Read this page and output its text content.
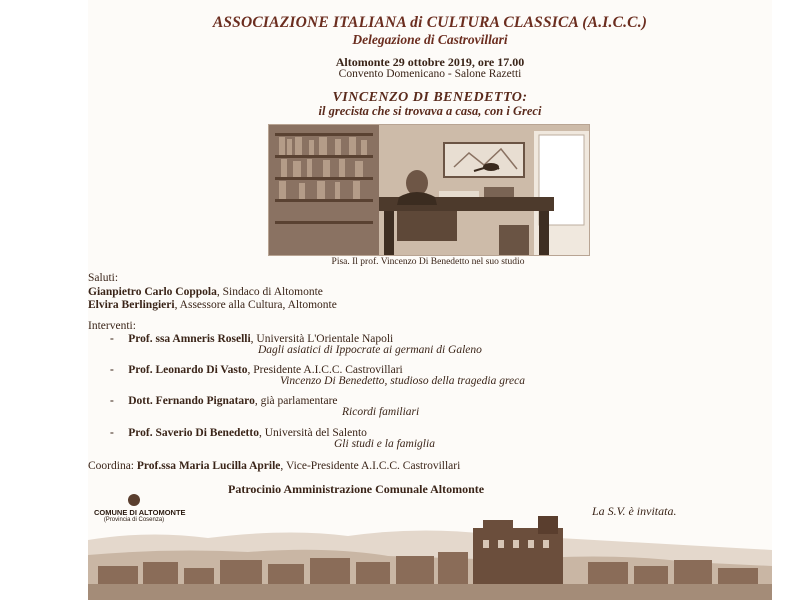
ASSOCIAZIONE ITALIANA di CULTURA CLASSICA (A.I.C.C.)
Delegazione di Castrovillari
Altomonte 29 ottobre 2019, ore 17.00
Convento Domenicano - Salone Razetti
VINCENZO DI BENEDETTO:
il grecista che si trovava a casa, con i Greci
Pisa. Il prof. Vincenzo Di Benedetto nel suo studio
Saluti:
Gianpietro Carlo Coppola, Sindaco di Altomonte
Elvira Berlingieri, Assessore alla Cultura, Altomonte
Interventi:
- Prof. ssa Amneris Roselli, Università L'Orientale Napoli
Dagli asiatici di Ippocrate ai germani di Galeno
- Prof. Leonardo Di Vasto, Presidente A.I.C.C. Castrovillari
Vincenzo Di Benedetto, studioso della tragedia greca
- Dott. Fernando Pignataro, già parlamentare
Ricordi familiari
- Prof. Saverio Di Benedetto, Università del Salento
Gli studi e la famiglia
Coordina: Prof.ssa Maria Lucilla Aprile, Vice-Presidente A.I.C.C. Castrovillari
Patrocinio Amministrazione Comunale Altomonte
COMUNE DI ALTOMONTE
(Provincia di Cosenza)
La S.V. è invitata.
